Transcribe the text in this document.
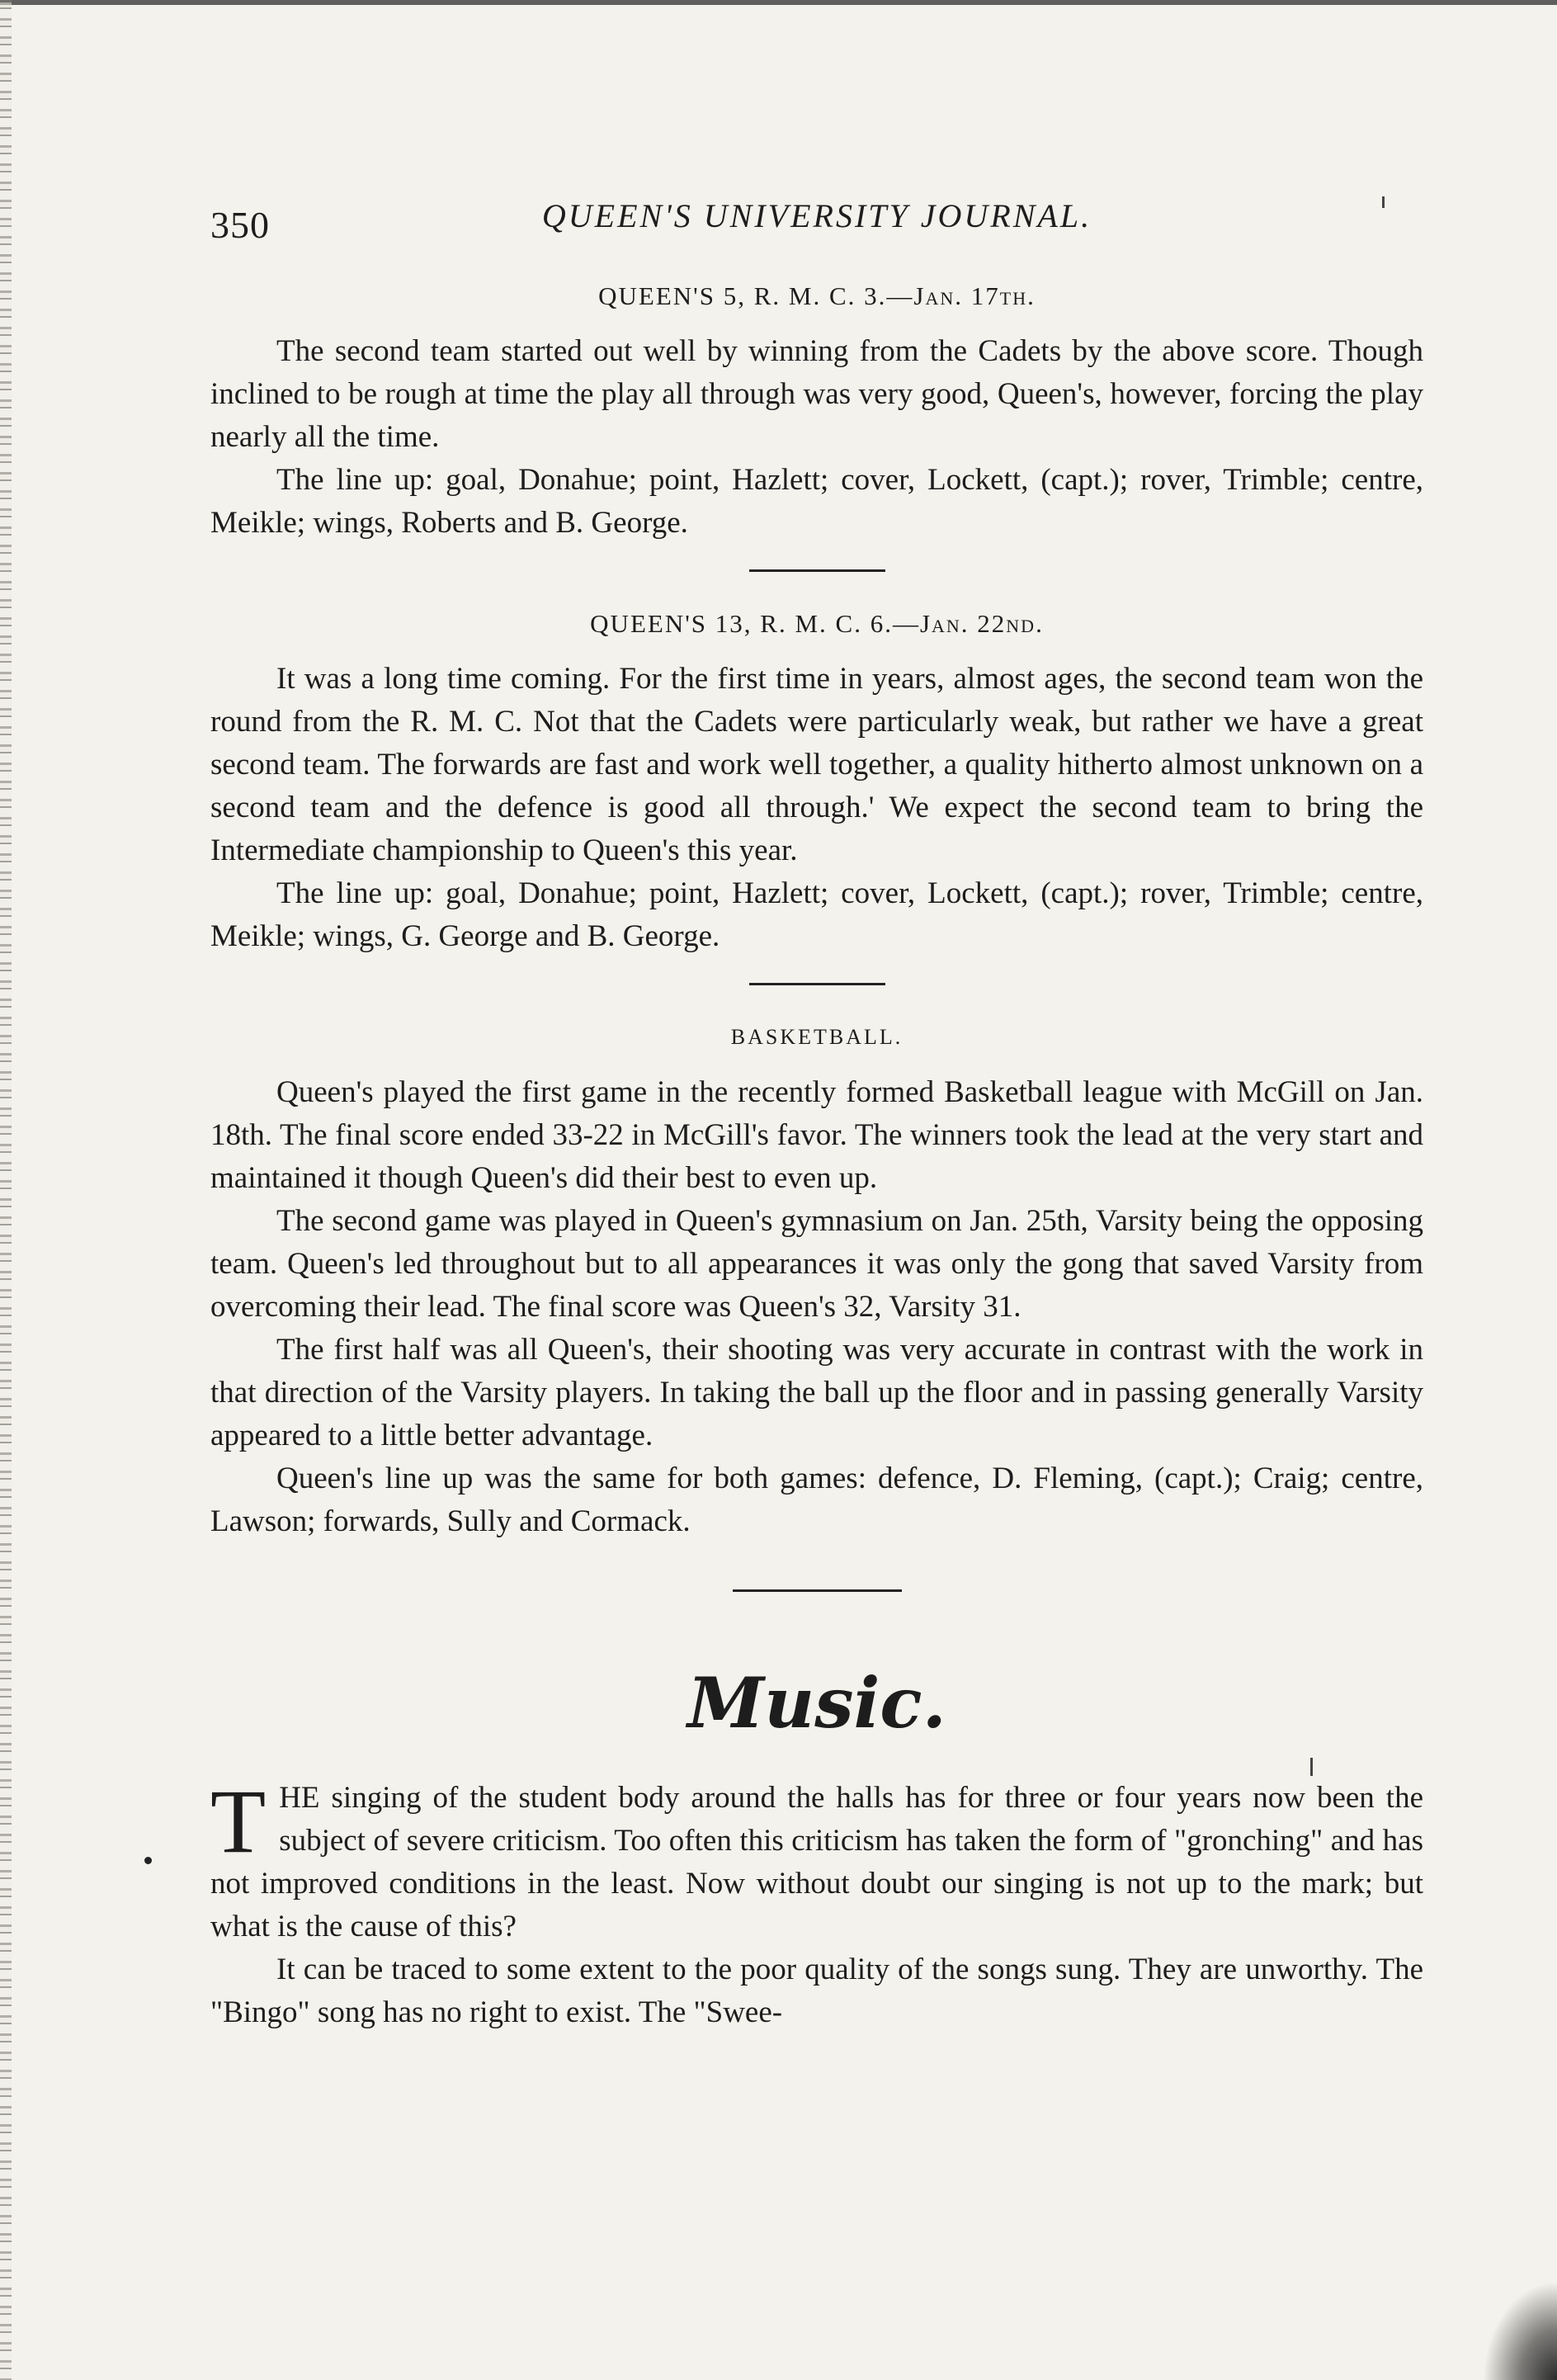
350	QUEEN'S UNIVERSITY JOURNAL.
QUEEN'S 5, R. M. C. 3.—Jan. 17th.

The second team started out well by winning from the Cadets by the above score. Though inclined to be rough at time the play all through was very good, Queen's, however, forcing the play nearly all the time.

The line up: goal, Donahue; point, Hazlett; cover, Lockett, (capt.); rover, Trimble; centre, Meikle; wings, Roberts and B. George.

QUEEN'S 13, R. M. C. 6.—Jan. 22nd.

It was a long time coming. For the first time in years, almost ages, the second team won the round from the R. M. C. Not that the Cadets were particularly weak, but rather we have a great second team. The forwards are fast and work well together, a quality hitherto almost unknown on a second team and the defence is good all through.' We expect the second team to bring the Intermediate championship to Queen's this year.

The line up: goal, Donahue; point, Hazlett; cover, Lockett, (capt.); rover, Trimble; centre, Meikle; wings, G. George and B. George.

BASKETBALL.

Queen's played the first game in the recently formed Basketball league with McGill on Jan. 18th. The final score ended 33-22 in McGill's favor. The winners took the lead at the very start and maintained it though Queen's did their best to even up.

The second game was played in Queen's gymnasium on Jan. 25th, Varsity being the opposing team. Queen's led throughout but to all appearances it was only the gong that saved Varsity from overcoming their lead. The final score was Queen's 32, Varsity 31.

The first half was all Queen's, their shooting was very accurate in contrast with the work in that direction of the Varsity players. In taking the ball up the floor and in passing generally Varsity appeared to a little better advantage.

Queen's line up was the same for both games: defence, D. Fleming, (capt.); Craig; centre, Lawson; forwards, Sully and Cormack.

Music.

THE singing of the student body around the halls has for three or four years now been the subject of severe criticism. Too often this criticism has taken the form of "gronching" and has not improved conditions in the least. Now without doubt our singing is not up to the mark; but what is the cause of this?

It can be traced to some extent to the poor quality of the songs sung. They are unworthy. The "Bingo" song has no right to exist. The "Swee-
